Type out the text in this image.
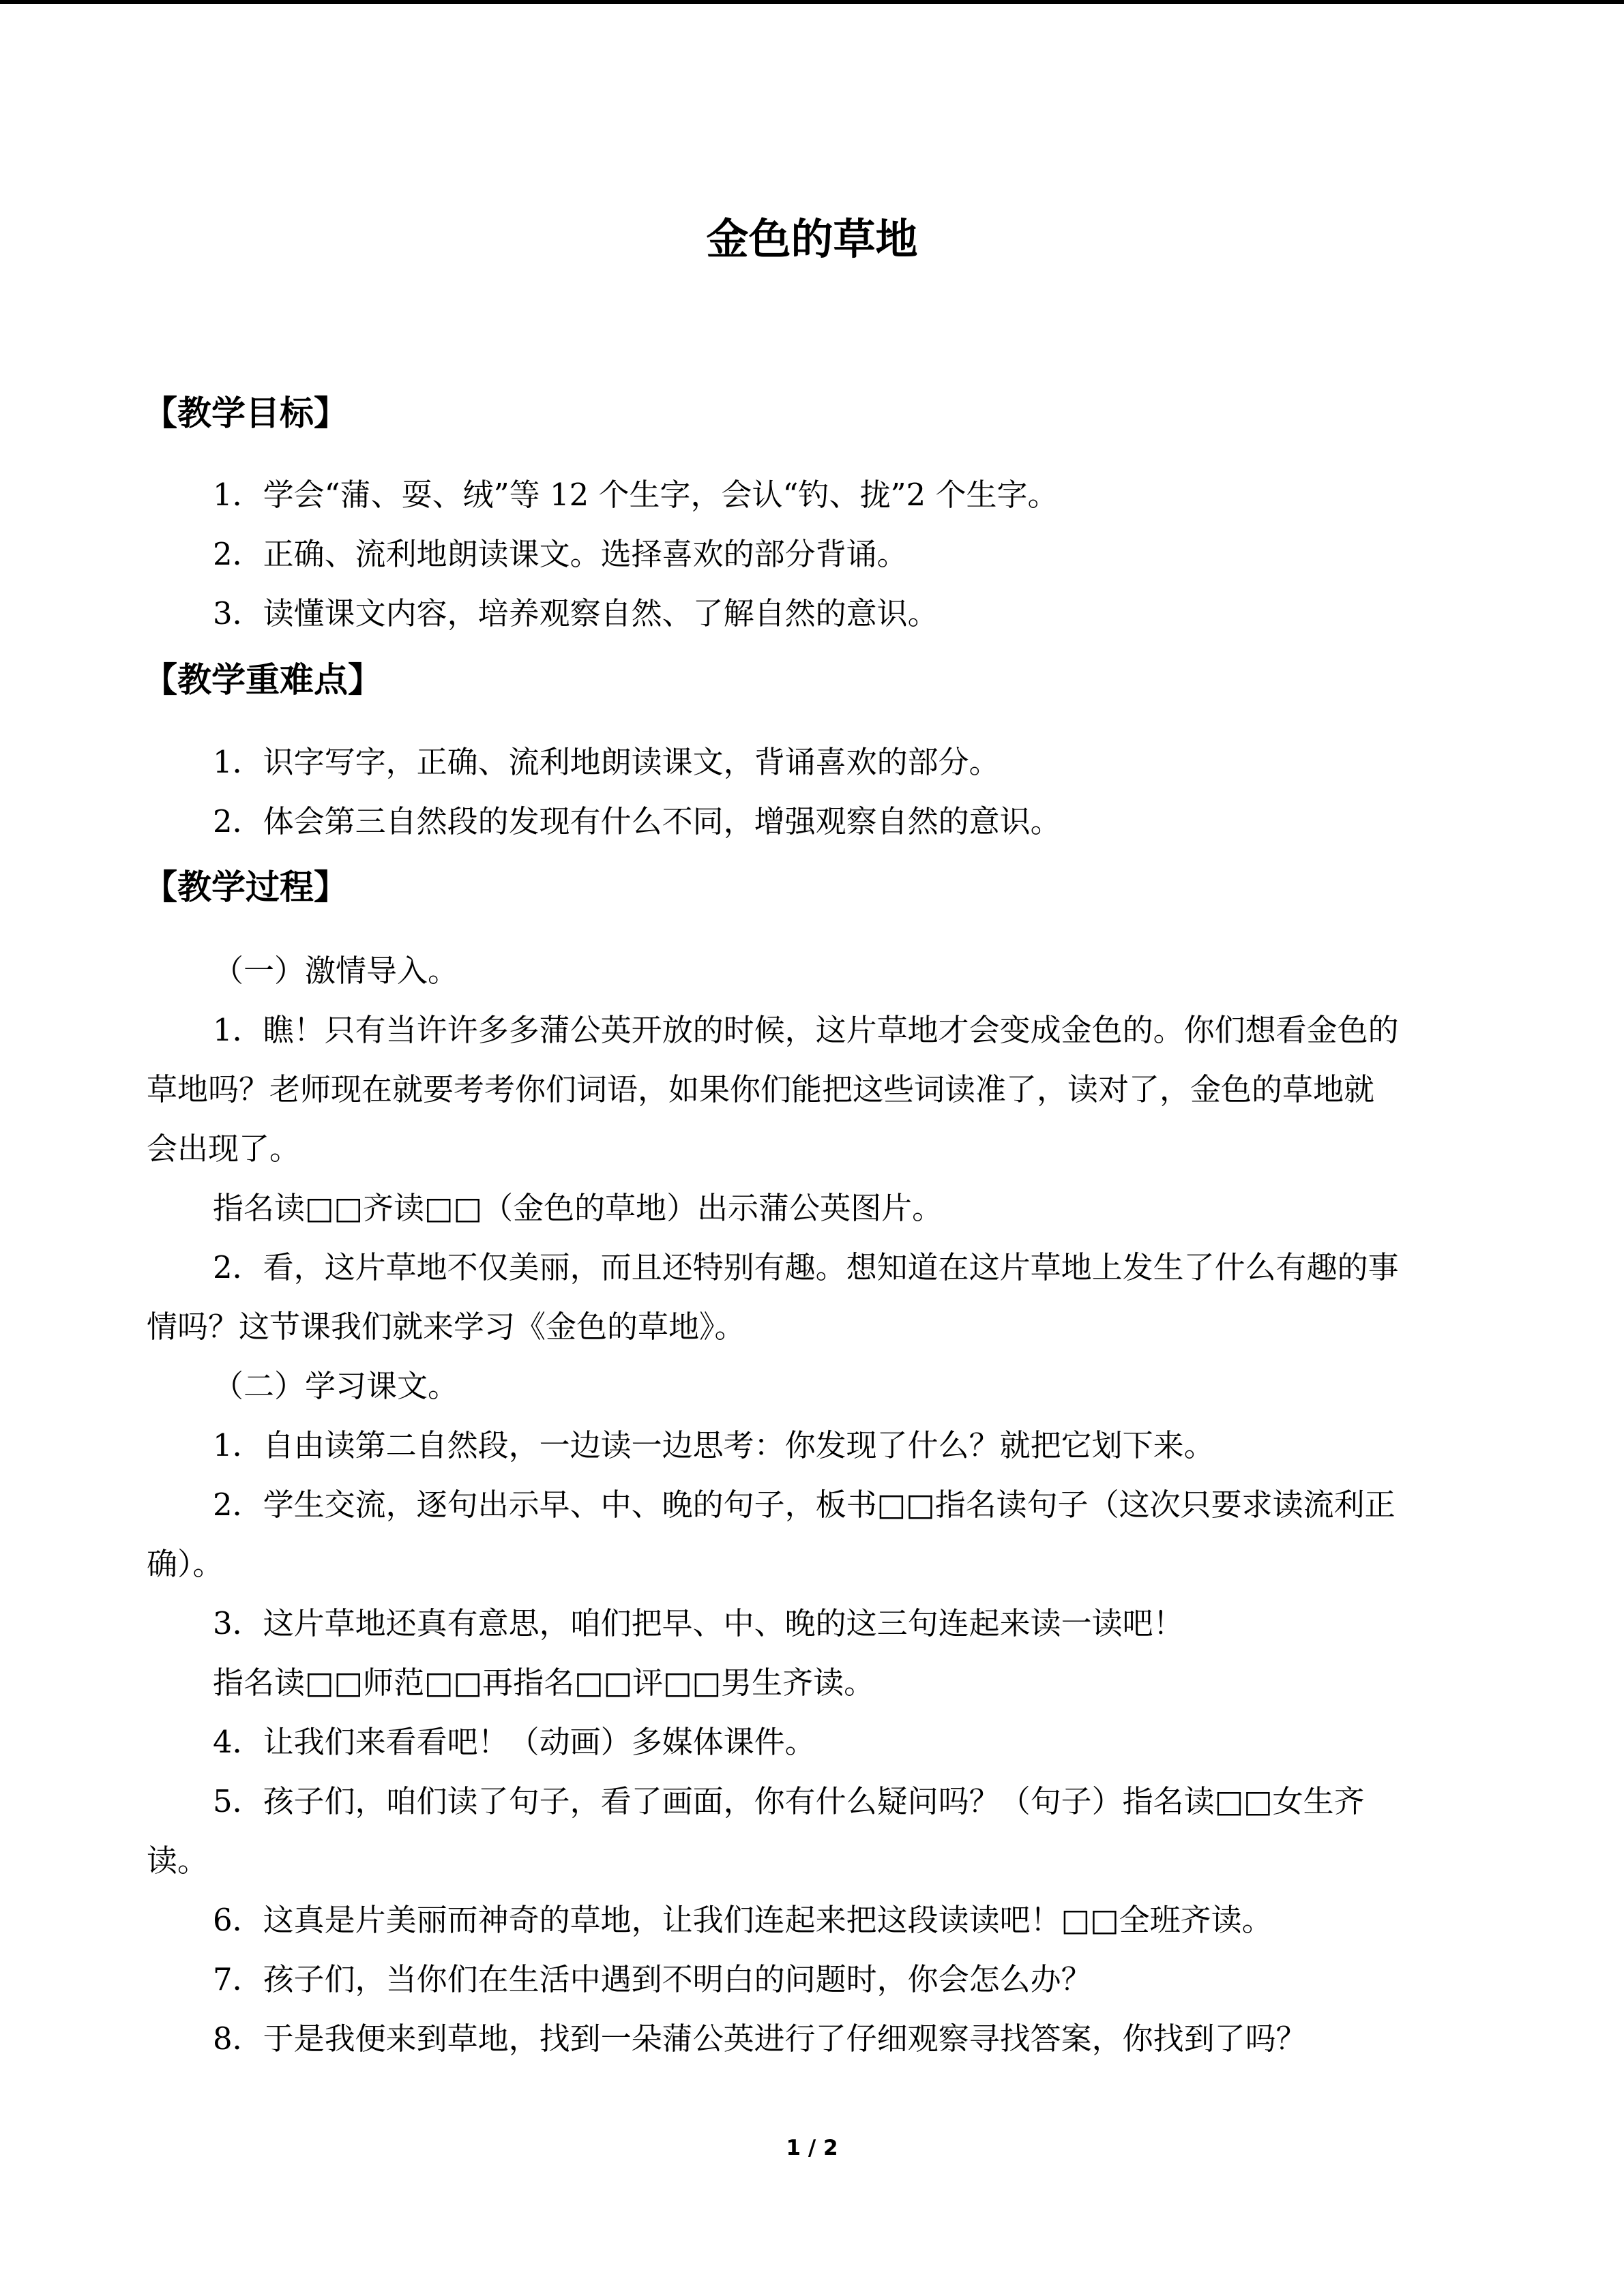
金色的草地
【教学目标】
1．学会“蒲、耍、绒”等 12 个生字，会认“钓、拢”2 个生字。
2．正确、流利地朗读课文。选择喜欢的部分背诵。
3．读懂课文内容，培养观察自然、了解自然的意识。
【教学重难点】
1．识字写字，正确、流利地朗读课文，背诵喜欢的部分。
2．体会第三自然段的发现有什么不同，增强观察自然的意识。
【教学过程】
（一）激情导入。
1．瞧！只有当许许多多蒲公英开放的时候，这片草地才会变成金色的。你们想看金色的
草地吗？老师现在就要考考你们词语，如果你们能把这些词读准了，读对了，金色的草地就
会出现了。
指名读□□齐读□□（金色的草地）出示蒲公英图片。
2．看，这片草地不仅美丽，而且还特别有趣。想知道在这片草地上发生了什么有趣的事
情吗？这节课我们就来学习《金色的草地》。
（二）学习课文。
1．自由读第二自然段，一边读一边思考：你发现了什么？就把它划下来。
2．学生交流，逐句出示早、中、晚的句子，板书□□指名读句子（这次只要求读流利正
确）。
3．这片草地还真有意思，咱们把早、中、晚的这三句连起来读一读吧！
指名读□□师范□□再指名□□评□□男生齐读。
4．让我们来看看吧！（动画）多媒体课件。
5．孩子们，咱们读了句子，看了画面，你有什么疑问吗？（句子）指名读□□女生齐
读。
6．这真是片美丽而神奇的草地，让我们连起来把这段读读吧！□□全班齐读。
7．孩子们，当你们在生活中遇到不明白的问题时，你会怎么办？
8．于是我便来到草地，找到一朵蒲公英进行了仔细观察寻找答案，你找到了吗？
1 / 2
